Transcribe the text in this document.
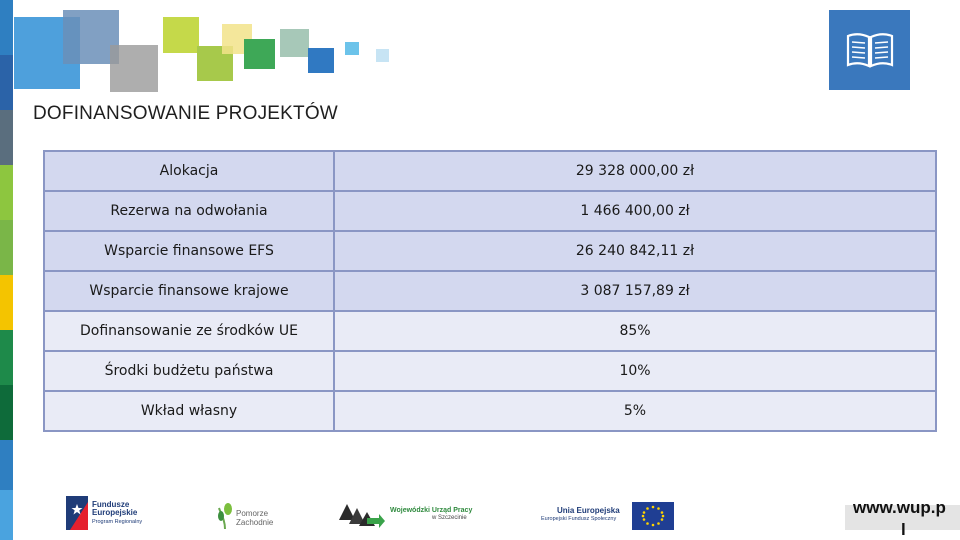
DOFINANSOWANIE PROJEKTÓW
Alokacja	29 328 000,00 zł
Rezerwa na odwołania	1 466 400,00 zł
Wsparcie finansowe EFS	26 240 842,11 zł
Wsparcie finansowe krajowe	3 087 157,89 zł
Dofinansowanie ze środków UE	85%
Środki budżetu państwa	10%
Wkład własny	5%
Fundusze
Europejskie
Program Regionalny
Pomorze
Zachodnie
Wojewódzki Urząd Pracy
w Szczecinie
Unia Europejska
Europejski Fundusz Społeczny
www.wup.p
l
